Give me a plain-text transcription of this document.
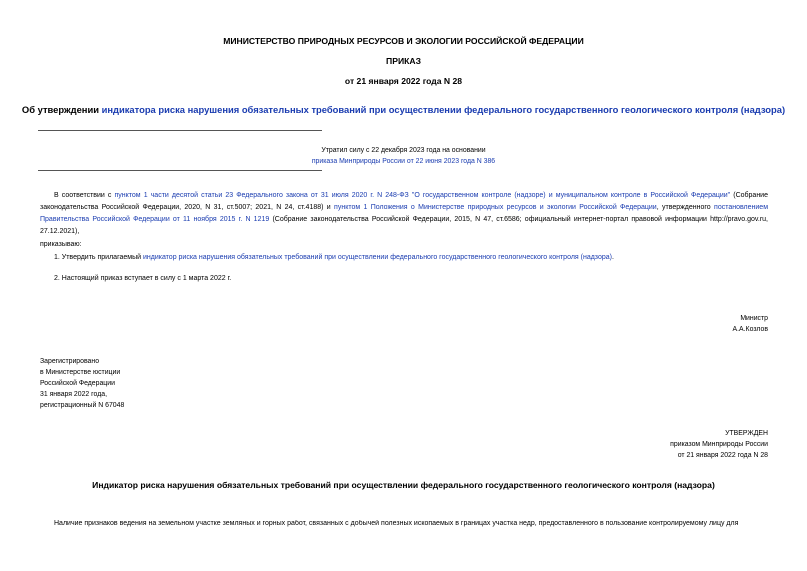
МИНИСТЕРСТВО ПРИРОДНЫХ РЕСУРСОВ И ЭКОЛОГИИ РОССИЙСКОЙ ФЕДЕРАЦИИ
ПРИКАЗ
от 21 января 2022 года N 28
Об утверждении индикатора риска нарушения обязательных требований при осуществлении федерального государственного геологического контроля (надзора)
Утратил силу с 22 декабря 2023 года на основании
приказа Минприроды России от 22 июня 2023 года N 386
В соответствии с пунктом 1 части десятой статьи 23 Федерального закона от 31 июля 2020 г. N 248-ФЗ "О государственном контроле (надзоре) и муниципальном контроле в Российской Федерации" (Собрание законодательства Российской Федерации, 2020, N 31, ст.5007; 2021, N 24, ст.4188) и пунктом 1 Положения о Министерстве природных ресурсов и экологии Российской Федерации, утвержденного постановлением Правительства Российской Федерации от 11 ноября 2015 г. N 1219 (Собрание законодательства Российской Федерации, 2015, N 47, ст.6586; официальный интернет-портал правовой информации http://pravo.gov.ru, 27.12.2021),
приказываю:
1. Утвердить прилагаемый индикатор риска нарушения обязательных требований при осуществлении федерального государственного геологического контроля (надзора).
2. Настоящий приказ вступает в силу с 1 марта 2022 г.
Министр
А.А.Козлов
Зарегистрировано
в Министерстве юстиции
Российской Федерации
31 января 2022 года,
регистрационный N 67048
УТВЕРЖДЕН
приказом Минприроды России
от 21 января 2022 года N 28
Индикатор риска нарушения обязательных требований при осуществлении федерального государственного геологического контроля (надзора)
Наличие признаков ведения на земельном участке земляных и горных работ, связанных с добычей полезных ископаемых в границах участка недр, предоставленного в пользование контролируемому лицу для
